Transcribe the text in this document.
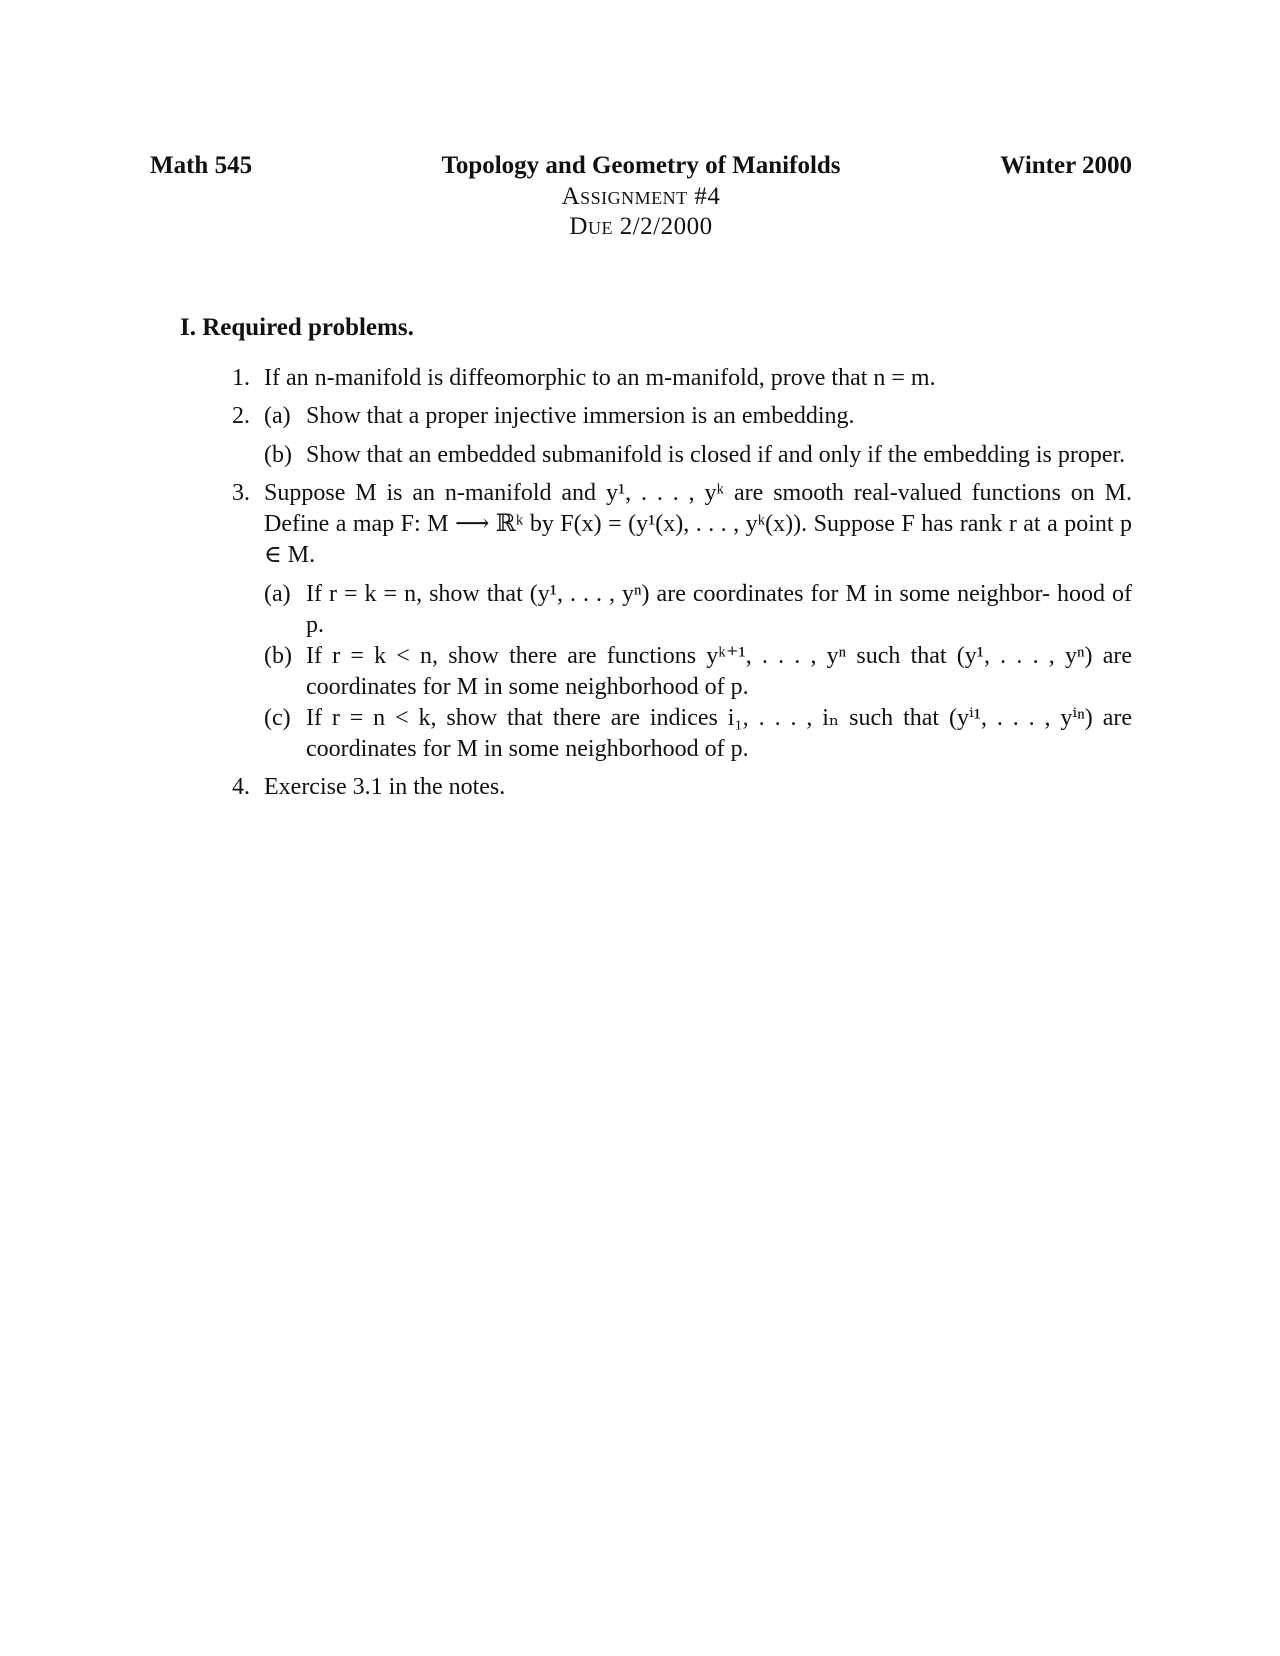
Math 545	Topology and Geometry of Manifolds
Assignment #4
Due 2/2/2000
Winter 2000
I. Required problems.
1. If an n-manifold is diffeomorphic to an m-manifold, prove that n = m.

2. (a) Show that a proper injective immersion is an embedding.

(b) Show that an embedded submanifold is closed if and only if the embedding is proper.

3. Suppose M is an n-manifold and y¹, . . . , yᵏ are smooth real-valued functions on M. Define a map F: M ⟶ ℝᵏ by F(x) = (y¹(x), . . . , yᵏ(x)). Suppose F has rank r at a point p ∈ M.

(a) If r = k = n, show that (y¹, . . . , yⁿ) are coordinates for M in some neighbor- hood of p.

(b) If r = k < n, show there are functions yᵏ⁺¹, . . . , yⁿ such that (y¹, . . . , yⁿ) are coordinates for M in some neighborhood of p.

(c) If r = n < k, show that there are indices i₁, . . . , iₙ such that (yⁱ¹, . . . , yⁱⁿ) are coordinates for M in some neighborhood of p.

4. Exercise 3.1 in the notes.
